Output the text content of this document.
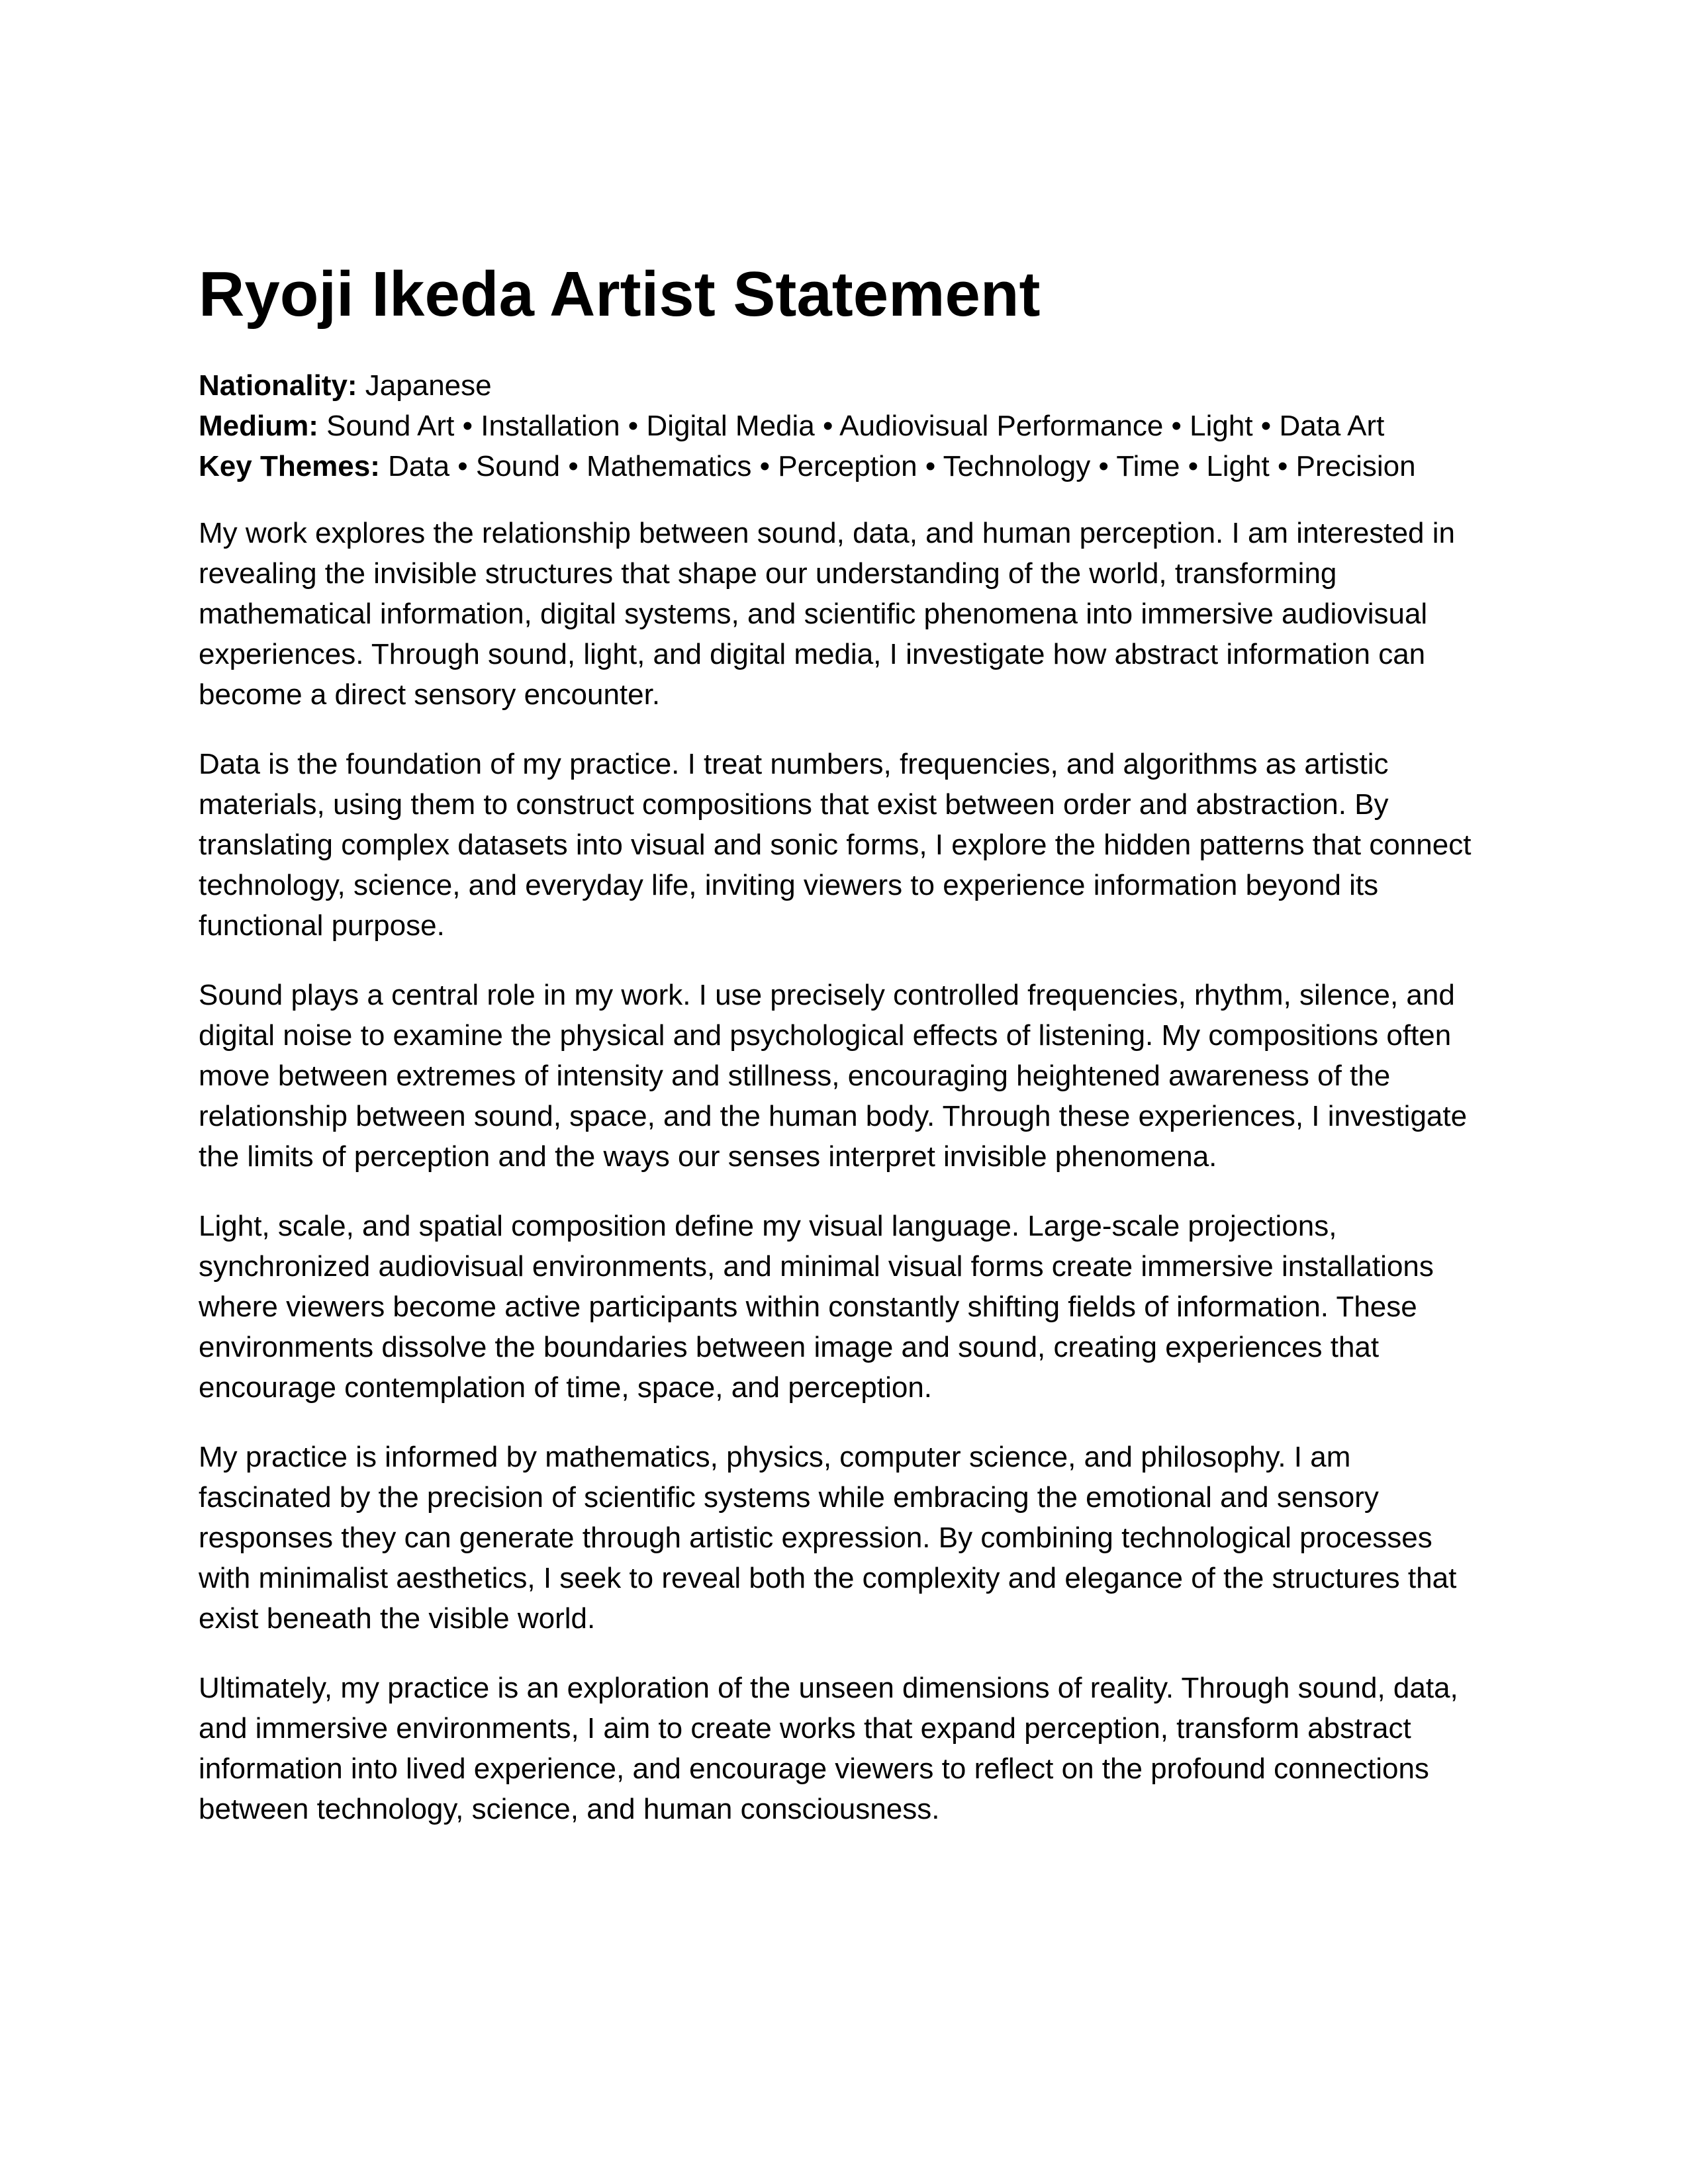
Ryoji Ikeda Artist Statement
Nationality: Japanese
Medium: Sound Art • Installation • Digital Media • Audiovisual Performance • Light • Data Art
Key Themes: Data • Sound • Mathematics • Perception • Technology • Time • Light • Precision

My work explores the relationship between sound, data, and human perception. I am interested in revealing the invisible structures that shape our understanding of the world, transforming mathematical information, digital systems, and scientific phenomena into immersive audiovisual experiences. Through sound, light, and digital media, I investigate how abstract information can become a direct sensory encounter.

Data is the foundation of my practice. I treat numbers, frequencies, and algorithms as artistic materials, using them to construct compositions that exist between order and abstraction. By translating complex datasets into visual and sonic forms, I explore the hidden patterns that connect technology, science, and everyday life, inviting viewers to experience information beyond its functional purpose.

Sound plays a central role in my work. I use precisely controlled frequencies, rhythm, silence, and digital noise to examine the physical and psychological effects of listening. My compositions often move between extremes of intensity and stillness, encouraging heightened awareness of the relationship between sound, space, and the human body. Through these experiences, I investigate the limits of perception and the ways our senses interpret invisible phenomena.

Light, scale, and spatial composition define my visual language. Large-scale projections, synchronized audiovisual environments, and minimal visual forms create immersive installations where viewers become active participants within constantly shifting fields of information. These environments dissolve the boundaries between image and sound, creating experiences that encourage contemplation of time, space, and perception.

My practice is informed by mathematics, physics, computer science, and philosophy. I am fascinated by the precision of scientific systems while embracing the emotional and sensory responses they can generate through artistic expression. By combining technological processes with minimalist aesthetics, I seek to reveal both the complexity and elegance of the structures that exist beneath the visible world.

Ultimately, my practice is an exploration of the unseen dimensions of reality. Through sound, data, and immersive environments, I aim to create works that expand perception, transform abstract information into lived experience, and encourage viewers to reflect on the profound connections between technology, science, and human consciousness.
